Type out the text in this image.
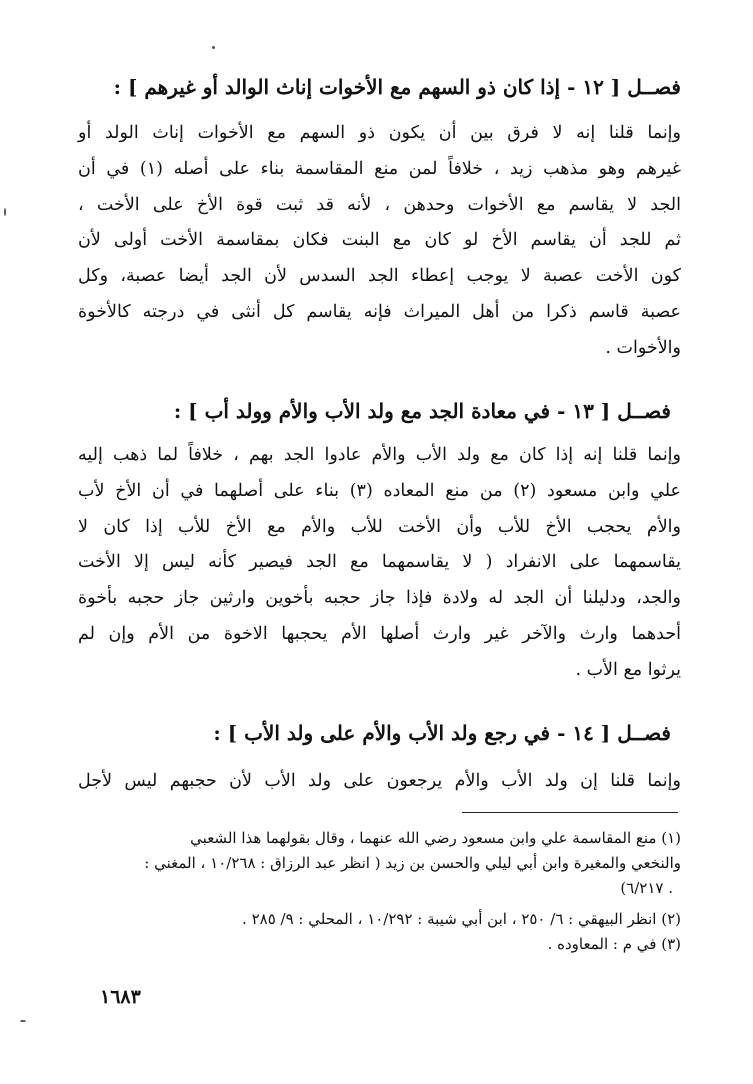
فصــل [ ١٢ - إذا كان ذو السهم مع الأخوات إناث الوالد أو غيرهم ] :
وإنما قلنا إنه لا فرق بين أن يكون ذو السهم مع الأخوات إناث الولد أو
غيرهم وهو مذهب زيد ، خلافاً لمن منع المقاسمة بناء على أصله (١) في أن
الجد لا يقاسم مع الأخوات وحدهن ، لأنه قد ثبت قوة الأخ على الأخت ،
ثم للجد أن يقاسم الأخ لو كان مع البنت فكان بمقاسمة الأخت أولى لأن
كون الأخت عصبة لا يوجب إعطاء الجد السدس لأن الجد أيضا عصبة، وكل
عصبة قاسم ذكرا من أهل الميراث فإنه يقاسم كل أنثى في درجته كالأخوة
والأخوات .
فصــل [ ١٣ - في معادة الجد مع ولد الأب والأم وولد أب ] :
وإنما قلنا إنه إذا كان مع ولد الأب والأم عادوا الجد بهم ، خلافاً لما ذهب إليه
علي وابن مسعود (٢) من منع المعاده (٣) بناء على أصلهما في أن الأخ لأب
والأم يحجب الأخ للأب وأن الأخت للأب والأم مع الأخ للأب إذا كان لا
يقاسمهما على الانفراد ( لا يقاسمهما مع الجد فيصير كأنه ليس إلا الأخت
والجد، ودليلنا أن الجد له ولادة فإذا جاز حجبه بأخوين وارثين جاز حجبه بأخوة
أحدهما وارث والآخر غير وارث أصلها الأم يحجبها الاخوة من الأم وإن لم
يرثوا مع الأب .
فصــل [ ١٤ - في رجع ولد الأب والأم على ولد الأب ] :
وإنما قلنا إن ولد الأب والأم يرجعون على ولد الأب لأن حجبهم ليس لأجل
(١) منع المقاسمة علي وابن مسعود رضي الله عنهما ، وقال بقولهما هذا الشعبي
والنخعي والمغيرة وابن أبي ليلي والحسن بن زيد ( انظر عبد الرزاق : ١٠/٢٦٨ ، المغني :
. ٦/٢١٧)
(٢) انظر البيهقي : ٦/ ٢٥٠ ، ابن أبي شيبة : ١٠/٢٩٢ ، المحلي : ٩/ ٢٨٥ .
(٣) في م : المعاوده .
١٦٨٣
